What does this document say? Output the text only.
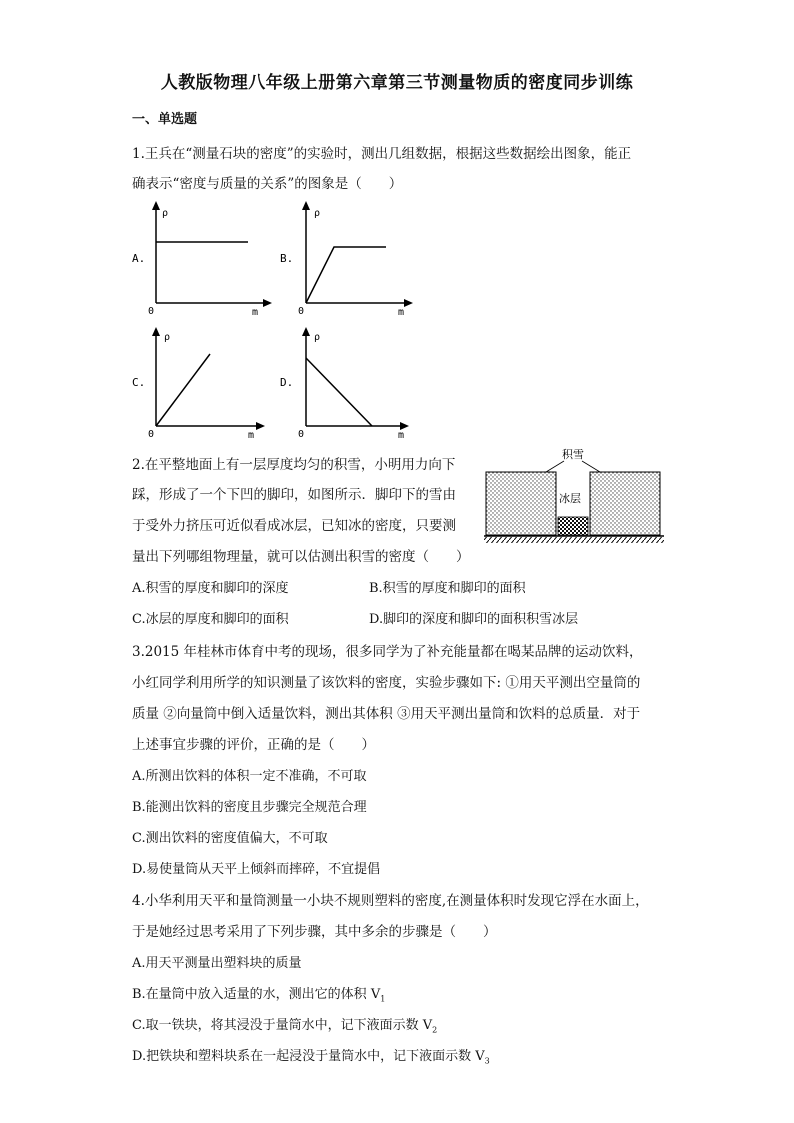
人教版物理八年级上册第六章第三节测量物质的密度同步训练
一、单选题
1.王兵在“测量石块的密度”的实验时，测出几组数据，根据这些数据绘出图象，能正
确表示“密度与质量的关系”的图象是（　　）
A.
ρ
0	m
B.
ρ
0	m
C.
ρ
0	m
D.
ρ
0	m
2.在平整地面上有一层厚度均匀的积雪，小明用力向下
踩，形成了一个下凹的脚印，如图所示．脚印下的雪由
于受外力挤压可近似看成冰层，已知冰的密度，只要测
量出下列哪组物理量，就可以估测出积雪的密度（　　）
积雪
冰层
A.积雪的厚度和脚印的深度	B.积雪的厚度和脚印的面积
C.冰层的厚度和脚印的面积	D.脚印的深度和脚印的面积积雪冰层
3.2015 年桂林市体育中考的现场，很多同学为了补充能量都在喝某品牌的运动饮料，
小红同学利用所学的知识测量了该饮料的密度，实验步骤如下: ①用天平测出空量筒的
质量 ②向量筒中倒入适量饮料，测出其体积 ③用天平测出量筒和饮料的总质量．对于
上述事宜步骤的评价，正确的是（　　）
A.所测出饮料的体积一定不准确，不可取
B.能测出饮料的密度且步骤完全规范合理
C.测出饮料的密度值偏大，不可取
D.易使量筒从天平上倾斜而摔碎，不宜提倡
4.小华利用天平和量筒测量一小块不规则塑料的密度,在测量体积时发现它浮在水面上，
于是她经过思考采用了下列步骤，其中多余的步骤是（　　）
A.用天平测量出塑料块的质量
B.在量筒中放入适量的水，测出它的体积 $V_1$
C.取一铁块，将其浸没于量筒水中，记下液面示数 $V_2$
D.把铁块和塑料块系在一起浸没于量筒水中，记下液面示数 $V_3$
